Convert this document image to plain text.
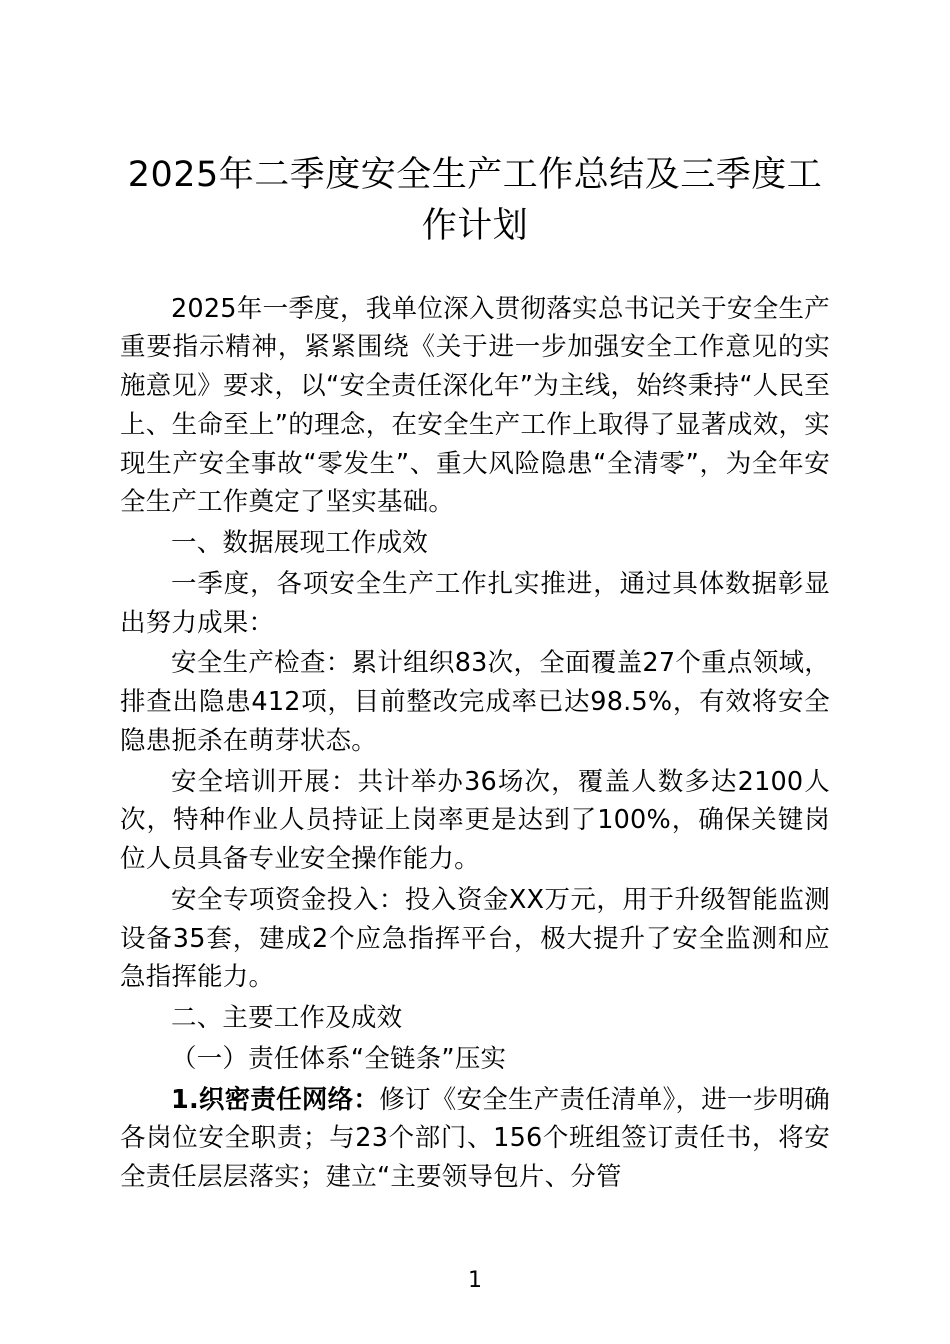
2025年二季度安全生产工作总结及三季度工作计划

2025年一季度，我单位深入贯彻落实总书记关于安全生产重要指示精神，紧紧围绕《关于进一步加强安全工作意见的实施意见》要求，以“安全责任深化年”为主线，始终秉持“人民至上、生命至上”的理念，在安全生产工作上取得了显著成效，实现生产安全事故“零发生”、重大风险隐患“全清零”，为全年安全生产工作奠定了坚实基础。

一、数据展现工作成效

一季度，各项安全生产工作扎实推进，通过具体数据彰显出努力成果：

安全生产检查：累计组织83次，全面覆盖27个重点领域，排查出隐患412项，目前整改完成率已达98.5%，有效将安全隐患扼杀在萌芽状态。

安全培训开展：共计举办36场次，覆盖人数多达2100人次，特种作业人员持证上岗率更是达到了100%，确保关键岗位人员具备专业安全操作能力。

安全专项资金投入：投入资金XX万元，用于升级智能监测设备35套，建成2个应急指挥平台，极大提升了安全监测和应急指挥能力。

二、主要工作及成效

（一）责任体系“全链条”压实

1.织密责任网络：修订《安全生产责任清单》，进一步明确各岗位安全职责；与23个部门、156个班组签订责任书，将安全责任层层落实；建立“主要领导包片、分管

1
